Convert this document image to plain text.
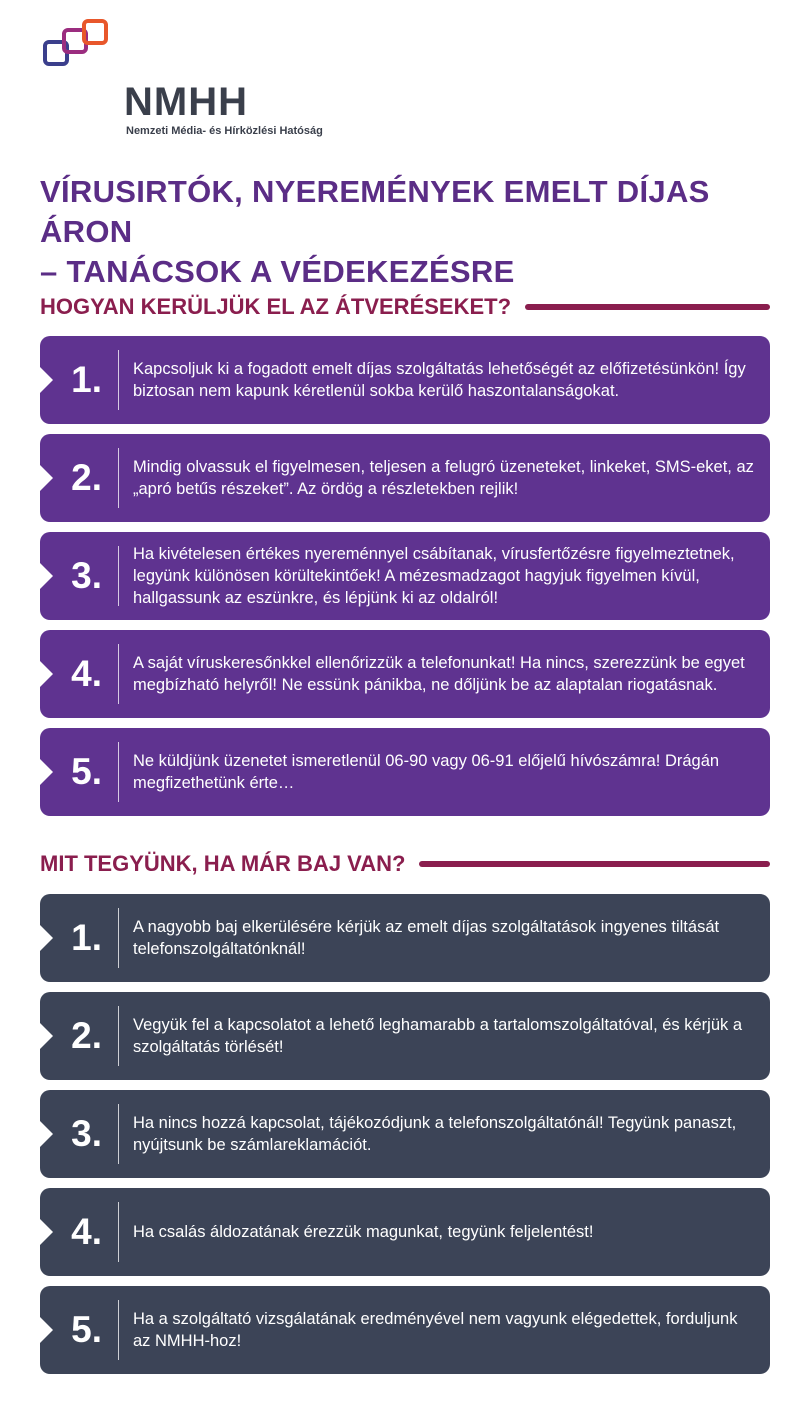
NMHH
Nemzeti Média- és Hírközlési Hatóság
VÍRUSIRTÓK, NYEREMÉNYEK EMELT DÍJAS ÁRON
– TANÁCSOK A VÉDEKEZÉSRE
HOGYAN KERÜLJÜK EL AZ ÁTVERÉSEKET?
1.	Kapcsoljuk ki a fogadott emelt díjas szolgáltatás lehetőségét az előfizetésünkön! Így biztosan nem kapunk kéretlenül sokba kerülő haszontalanságokat.
2.	Mindig olvassuk el figyelmesen, teljesen a felugró üzeneteket, linkeket, SMS-eket, az „apró betűs részeket”. Az ördög a részletekben rejlik!
3.
Ha kivételesen értékes nyereménnyel csábítanak, vírusfertőzésre figyelmeztetnek, legyünk különösen körültekintőek! A mézesmadzagot hagyjuk figyelmen kívül, hallgassunk az eszünkre, és lépjünk ki az oldalról!
4.	A saját víruskeresőnkkel ellenőrizzük a telefonunkat! Ha nincs, szerezzünk be egyet megbízható helyről! Ne essünk pánikba, ne dőljünk be az alaptalan riogatásnak.
5.	Ne küldjünk üzenetet ismeretlenül 06-90 vagy 06-91 előjelű hívószámra! Drágán megfizethetünk érte…
MIT TEGYÜNK, HA MÁR BAJ VAN?
1.	A nagyobb baj elkerülésére kérjük az emelt díjas szolgáltatások ingyenes tiltását telefonszolgáltatónknál!
2.	Vegyük fel a kapcsolatot a lehető leghamarabb a tartalomszolgáltatóval, és kérjük a szolgáltatás törlését!
3.	Ha nincs hozzá kapcsolat, tájékozódjunk a telefonszolgáltatónál! Tegyünk panaszt, nyújtsunk be számlareklamációt.
4.	Ha csalás áldozatának érezzük magunkat, tegyünk feljelentést!
5.	Ha a szolgáltató vizsgálatának eredményével nem vagyunk elégedettek, forduljunk az NMHH-hoz!
